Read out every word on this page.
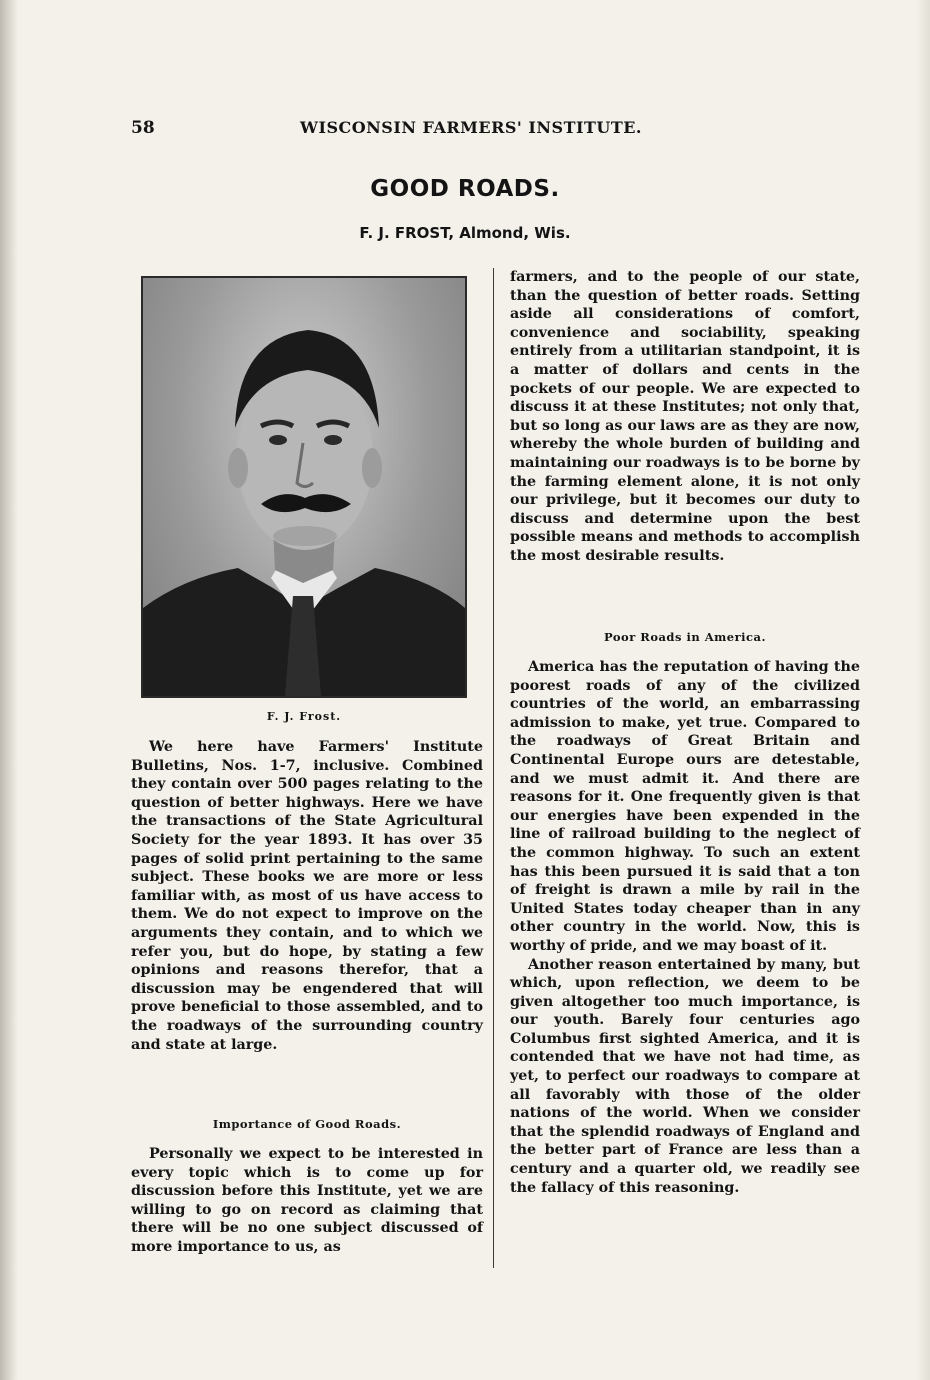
58	WISCONSIN FARMERS' INSTITUTE.
GOOD ROADS.
F. J. FROST, Almond, Wis.
F. J. Frost.

We here have Farmers' Institute Bulletins, Nos. 1-7, inclusive. Combined they contain over 500 pages relating to the question of better highways. Here we have the transactions of the State Agricultural Society for the year 1893. It has over 35 pages of solid print pertaining to the same subject. These books we are more or less familiar with, as most of us have access to them. We do not expect to improve on the arguments they contain, and to which we refer you, but do hope, by stating a few opinions and reasons therefor, that a discussion may be engendered that will prove beneficial to those assembled, and to the roadways of the surrounding country and state at large.

Importance of Good Roads.

Personally we expect to be interested in every topic which is to come up for discussion before this Institute, yet we are willing to go on record as claiming that there will be no one subject discussed of more importance to us, as

farmers, and to the people of our state, than the question of better roads. Setting aside all considerations of comfort, convenience and sociability, speaking entirely from a utilitarian standpoint, it is a matter of dollars and cents in the pockets of our people. We are expected to discuss it at these Institutes; not only that, but so long as our laws are as they are now, whereby the whole burden of building and maintaining our roadways is to be borne by the farming element alone, it is not only our privilege, but it becomes our duty to discuss and determine upon the best possible means and methods to accomplish the most desirable results.

Poor Roads in America.

America has the reputation of having the poorest roads of any of the civilized countries of the world, an embarrassing admission to make, yet true. Compared to the roadways of Great Britain and Continental Europe ours are detestable, and we must admit it. And there are reasons for it. One frequently given is that our energies have been expended in the line of railroad building to the neglect of the common highway. To such an extent has this been pursued it is said that a ton of freight is drawn a mile by rail in the United States today cheaper than in any other country in the world. Now, this is worthy of pride, and we may boast of it.

Another reason entertained by many, but which, upon reflection, we deem to be given altogether too much importance, is our youth. Barely four centuries ago Columbus first sighted America, and it is contended that we have not had time, as yet, to perfect our roadways to compare at all favorably with those of the older nations of the world. When we consider that the splendid roadways of England and the better part of France are less than a century and a quarter old, we readily see the fallacy of this reasoning.
